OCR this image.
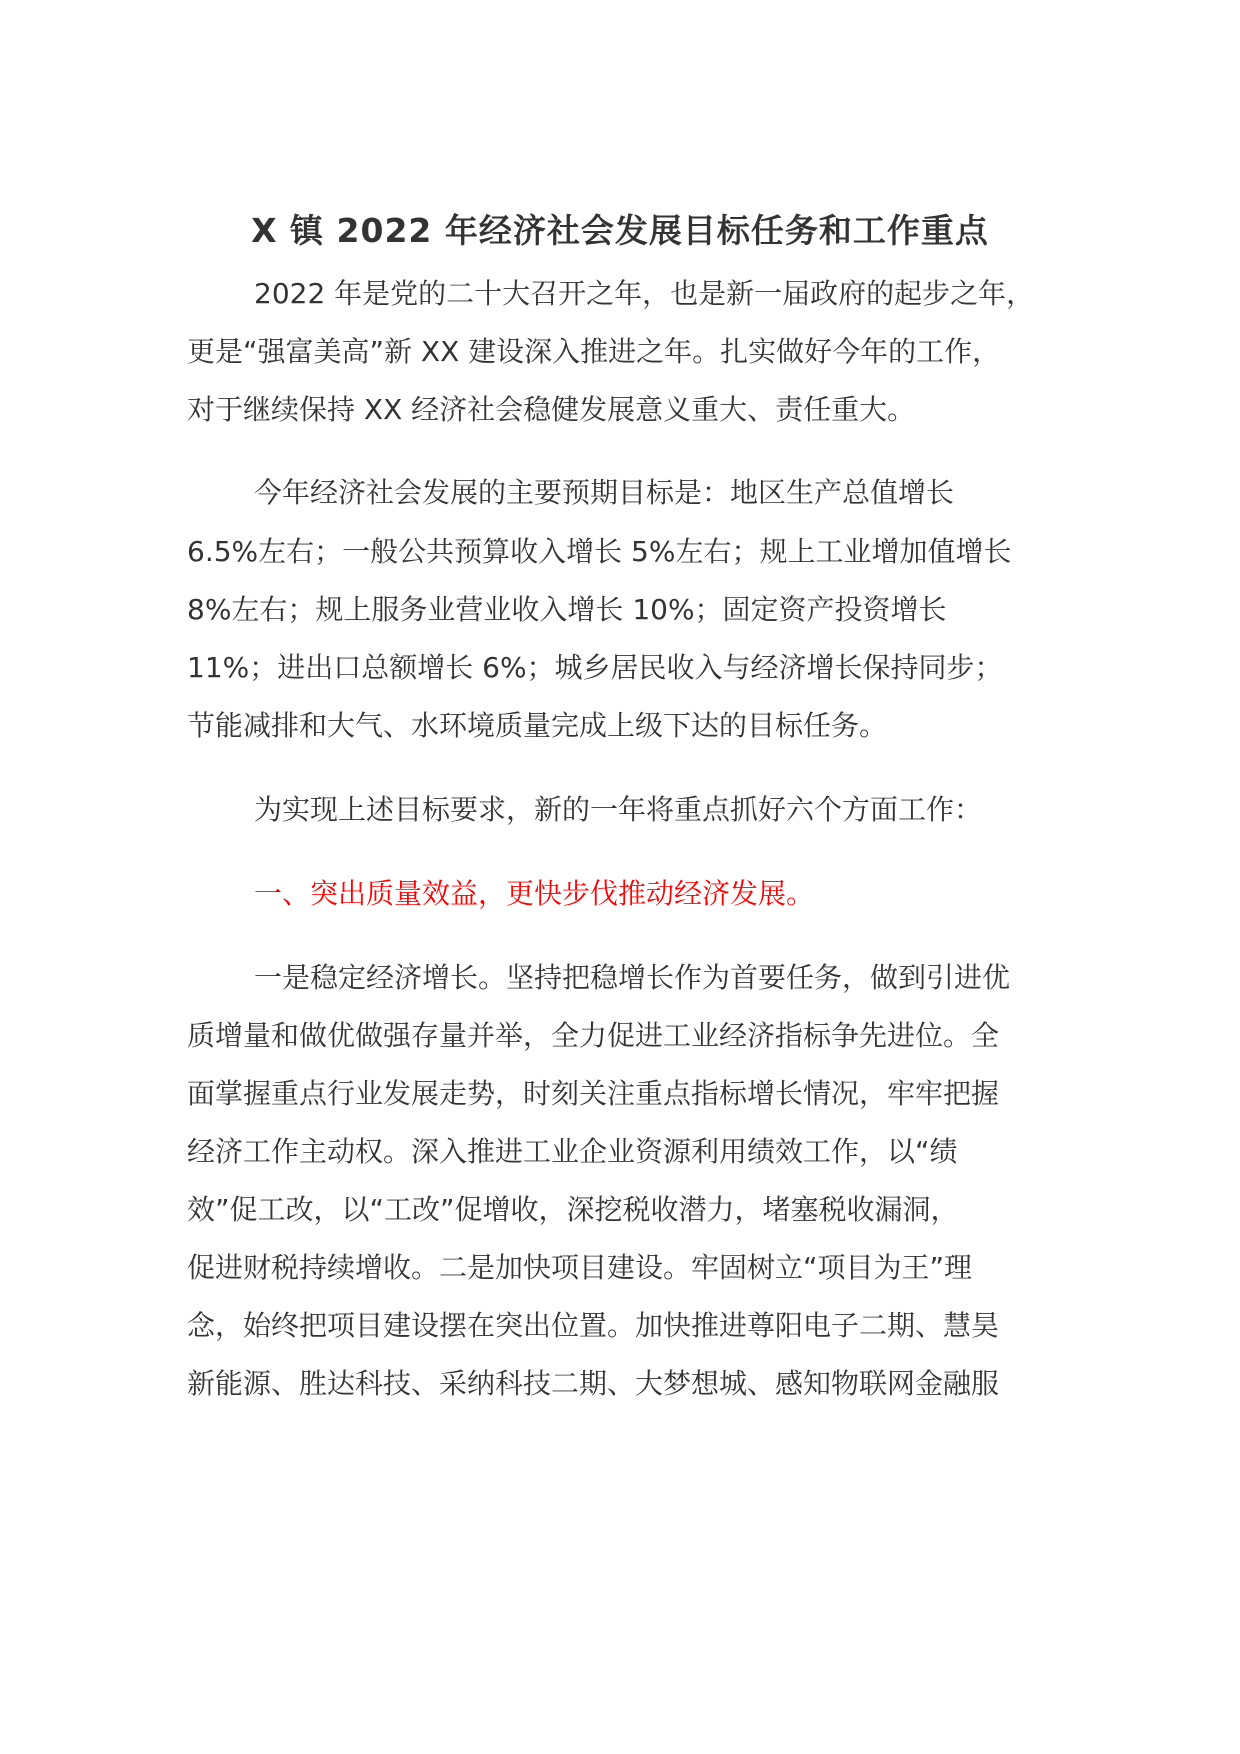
X 镇 2022 年经济社会发展目标任务和工作重点
2022 年是党的二十大召开之年，也是新一届政府的起步之年，
更是“强富美高”新 XX 建设深入推进之年。扎实做好今年的工作，
对于继续保持 XX 经济社会稳健发展意义重大、责任重大。
今年经济社会发展的主要预期目标是：地区生产总值增长
6.5%左右；一般公共预算收入增长 5%左右；规上工业增加值增长
8%左右；规上服务业营业收入增长 10%；固定资产投资增长
11%；进出口总额增长 6%；城乡居民收入与经济增长保持同步；
节能减排和大气、水环境质量完成上级下达的目标任务。
为实现上述目标要求，新的一年将重点抓好六个方面工作：
一、突出质量效益，更快步伐推动经济发展。
一是稳定经济增长。坚持把稳增长作为首要任务，做到引进优
质增量和做优做强存量并举，全力促进工业经济指标争先进位。全
面掌握重点行业发展走势，时刻关注重点指标增长情况，牢牢把握
经济工作主动权。深入推进工业企业资源利用绩效工作，以“绩
效”促工改，以“工改”促增收，深挖税收潜力，堵塞税收漏洞，
促进财税持续增收。二是加快项目建设。牢固树立“项目为王”理
念，始终把项目建设摆在突出位置。加快推进尊阳电子二期、慧昊
新能源、胜达科技、采纳科技二期、大梦想城、感知物联网金融服
